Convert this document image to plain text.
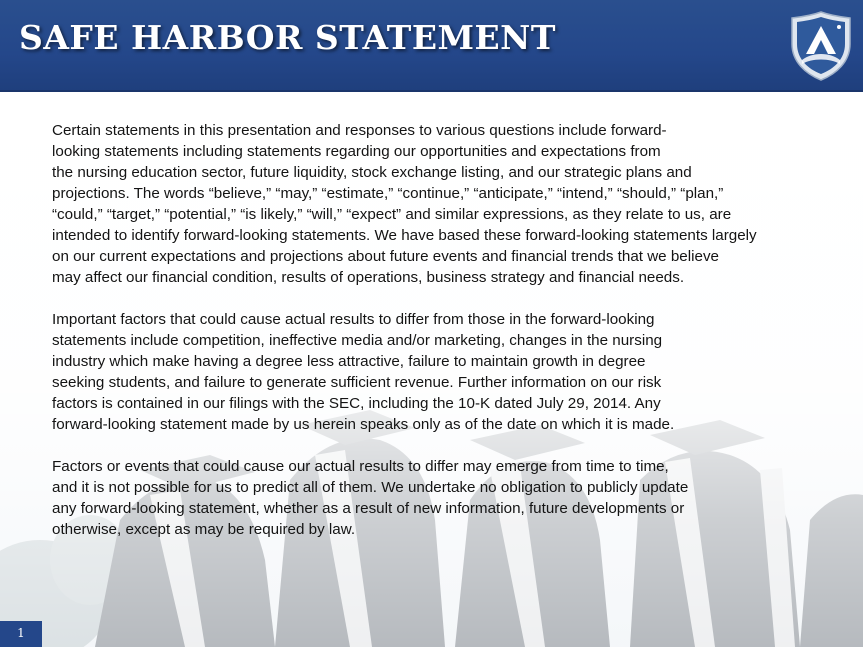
SAFE HARBOR STATEMENT

Certain statements in this presentation and responses to various questions include forward-
looking statements including statements regarding our opportunities and expectations from
the nursing education sector, future liquidity, stock exchange listing, and our strategic plans and
projections. The words “believe,” “may,” “estimate,” “continue,” “anticipate,” “intend,” “should,” “plan,”
“could,” “target,” “potential,” “is likely,” “will,” “expect” and similar expressions, as they relate to us, are
intended to identify forward-looking statements. We have based these forward-looking statements largely
on our current expectations and projections about future events and financial trends that we believe
may affect our financial condition, results of operations, business strategy and financial needs.

Important factors that could cause actual results to differ from those in the forward-looking
statements include competition, ineffective media and/or marketing, changes in the nursing
industry which make having a degree less attractive, failure to maintain growth in degree
seeking students, and failure to generate sufficient revenue. Further information on our risk
factors is contained in our filings with the SEC, including the 10-K dated July 29, 2014. Any
forward-looking statement made by us herein speaks only as of the date on which it is made.

Factors or events that could cause our actual results to differ may emerge from time to time,
and it is not possible for us to predict all of them. We undertake no obligation to publicly update
any forward-looking statement, whether as a result of new information, future developments or
otherwise, except as may be required by law.

1
